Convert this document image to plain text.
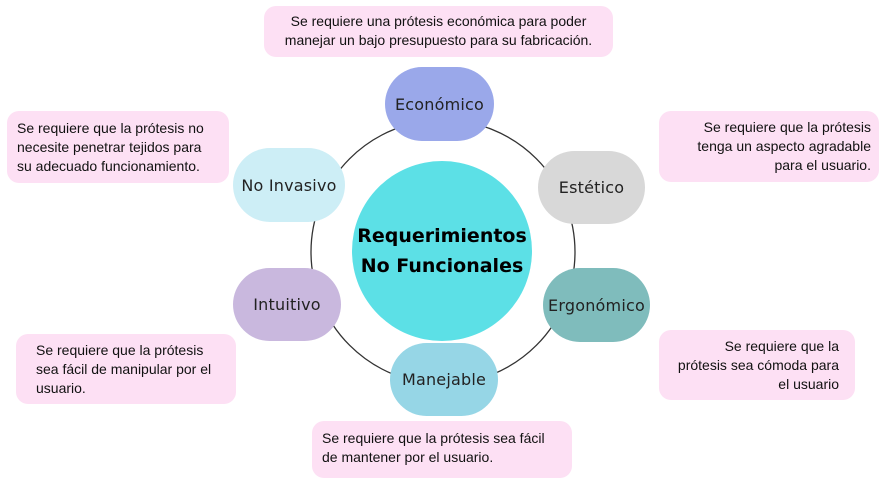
Requerimientos
No Funcionales
Económico
Estético
Ergonómico
Manejable
Intuitivo
No Invasivo
Se requiere una prótesis económica para poder
manejar un bajo presupuesto para su fabricación.
Se requiere que la prótesis
tenga un aspecto agradable
para el usuario.
Se requiere que la
prótesis sea cómoda para
el usuario
Se requiere que la prótesis sea fácil
de mantener por el usuario.
Se requiere que la prótesis
sea fácil de manipular por el
usuario.
Se requiere que la prótesis no
necesite penetrar tejidos para
su adecuado funcionamiento.
